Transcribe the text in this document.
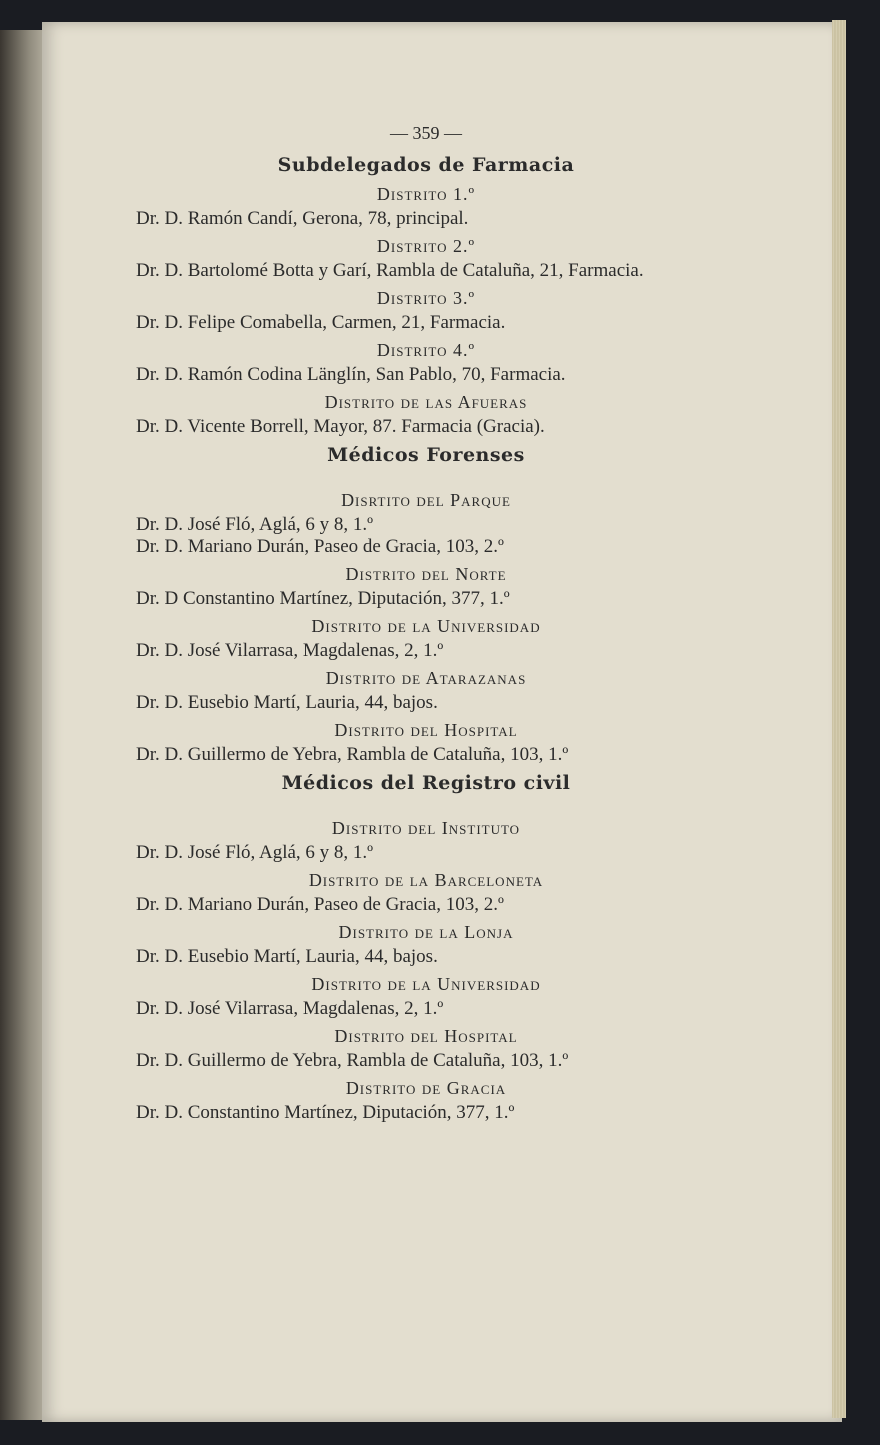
— 359 —
Subdelegados de Farmacia
Distrito 1.º
Dr. D. Ramón Candí, Gerona, 78, principal.
Distrito 2.º
Dr. D. Bartolomé Botta y Garí, Rambla de Cataluña, 21, Farmacia.
Distrito 3.º
Dr. D. Felipe Comabella, Carmen, 21, Farmacia.
Distrito 4.º
Dr. D. Ramón Codina Länglín, San Pablo, 70, Farmacia.
Distrito de las Afueras
Dr. D. Vicente Borrell, Mayor, 87. Farmacia (Gracia).
Médicos Forenses
Disrtito del Parque
Dr. D. José Fló, Aglá, 6 y 8, 1.º
Dr. D. Mariano Durán, Paseo de Gracia, 103, 2.º
Distrito del Norte
Dr. D Constantino Martínez, Diputación, 377, 1.º
Distrito de la Universidad
Dr. D. José Vilarrasa, Magdalenas, 2, 1.º
Distrito de Atarazanas
Dr. D. Eusebio Martí, Lauria, 44, bajos.
Distrito del Hospital
Dr. D. Guillermo de Yebra, Rambla de Cataluña, 103, 1.º
Médicos del Registro civil
Distrito del Instituto
Dr. D. José Fló, Aglá, 6 y 8, 1.º
Distrito de la Barceloneta
Dr. D. Mariano Durán, Paseo de Gracia, 103, 2.º
Distrito de la Lonja
Dr. D. Eusebio Martí, Lauria, 44, bajos.
Distrito de la Universidad
Dr. D. José Vilarrasa, Magdalenas, 2, 1.º
Distrito del Hospital
Dr. D. Guillermo de Yebra, Rambla de Cataluña, 103, 1.º
Distrito de Gracia
Dr. D. Constantino Martínez, Diputación, 377, 1.º
